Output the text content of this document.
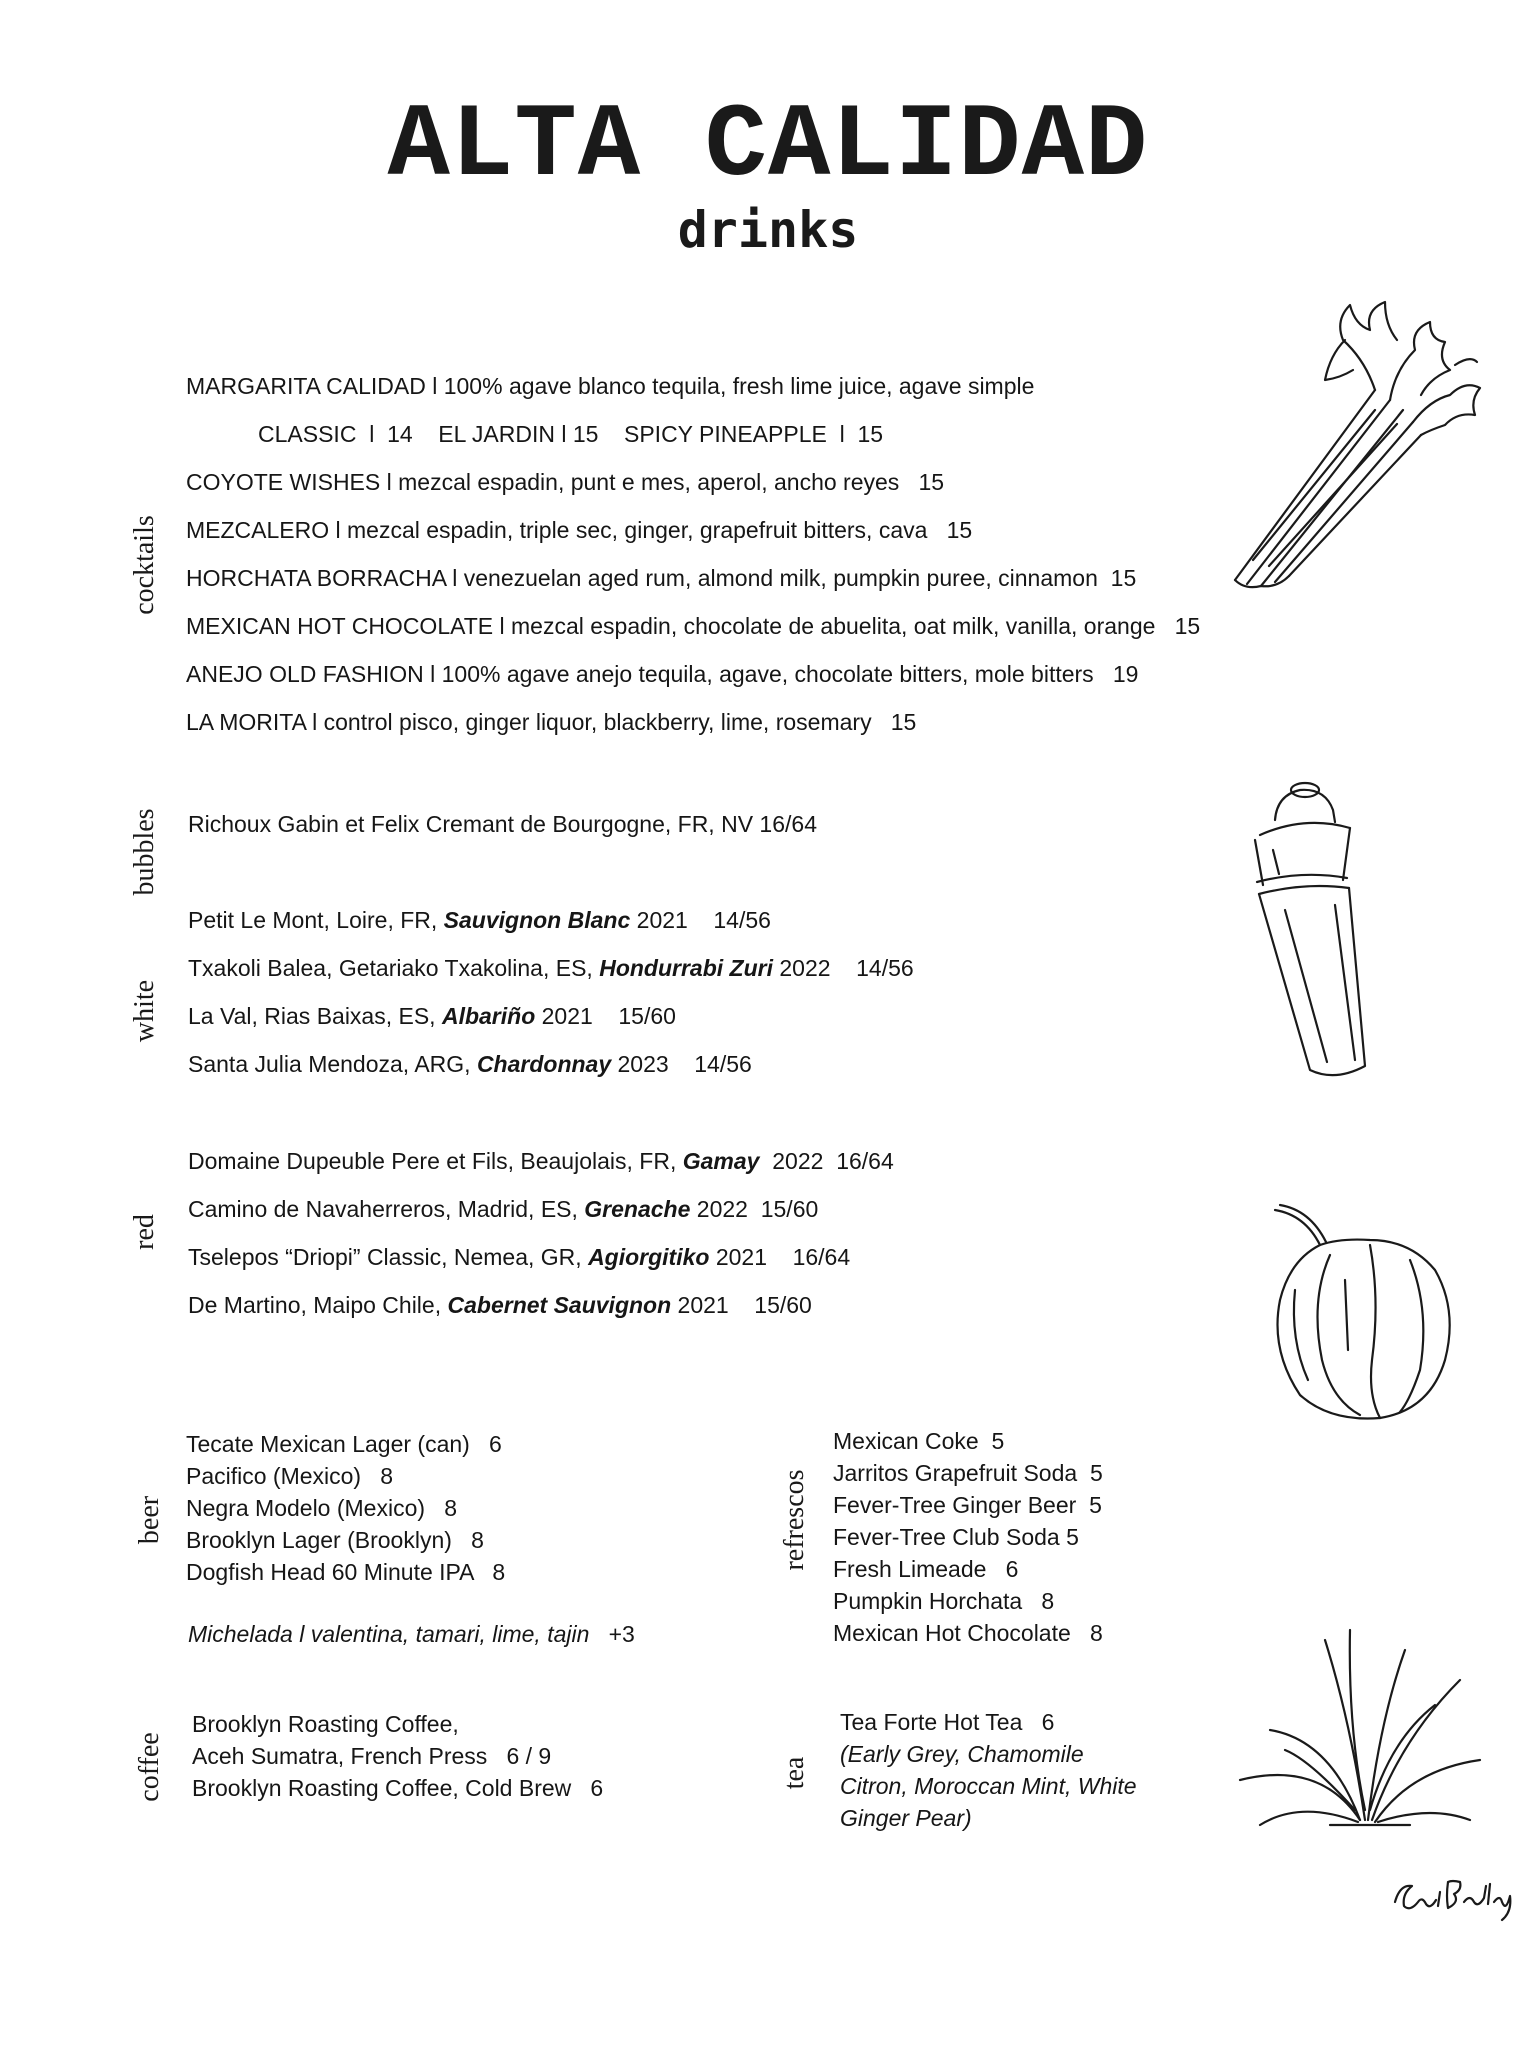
ALTA CALIDAD
drinks
cocktails
MARGARITA CALIDAD l 100% agave blanco tequila, fresh lime juice, agave simple
CLASSIC  l  14    EL JARDIN l 15    SPICY PINEAPPLE  l  15
COYOTE WISHES l mezcal espadin, punt e mes, aperol, ancho reyes   15
MEZCALERO l mezcal espadin, triple sec, ginger, grapefruit bitters, cava   15
HORCHATA BORRACHA l venezuelan aged rum, almond milk, pumpkin puree, cinnamon  15
MEXICAN HOT CHOCOLATE l mezcal espadin, chocolate de abuelita, oat milk, vanilla, orange   15
ANEJO OLD FASHION l 100% agave anejo tequila, agave, chocolate bitters, mole bitters   19
LA MORITA l control pisco, ginger liquor, blackberry, lime, rosemary   15
bubbles Richoux Gabin et Felix Cremant de Bourgogne, FR, NV 16/64
white
Petit Le Mont, Loire, FR, Sauvignon Blanc 2021    14/56
Txakoli Balea, Getariako Txakolina, ES, Hondurrabi Zuri 2022    14/56
La Val, Rias Baixas, ES, Albariño 2021    15/60
Santa Julia Mendoza, ARG, Chardonnay 2023    14/56
red
Domaine Dupeuble Pere et Fils, Beaujolais, FR, Gamay  2022  16/64
Camino de Navaherreros, Madrid, ES, Grenache 2022  15/60
Tselepos “Driopi” Classic, Nemea, GR, Agiorgitiko 2021    16/64
De Martino, Maipo Chile, Cabernet Sauvignon 2021    15/60
beer
Tecate Mexican Lager (can)   6
Pacifico (Mexico)   8
Negra Modelo (Mexico)   8
Brooklyn Lager (Brooklyn)   8
Dogfish Head 60 Minute IPA   8
Michelada l valentina, tamari, lime, tajin +3
refrescos
Mexican Coke  5
Jarritos Grapefruit Soda  5
Fever-Tree Ginger Beer  5
Fever-Tree Club Soda 5
Fresh Limeade   6
Pumpkin Horchata   8
Mexican Hot Chocolate   8
coffee
Brooklyn Roasting Coffee,
Aceh Sumatra, French Press   6 / 9
Brooklyn Roasting Coffee, Cold Brew   6	tea
Tea Forte Hot Tea   6
(Early Grey, Chamomile
Citron, Moroccan Mint, White
Ginger Pear)
